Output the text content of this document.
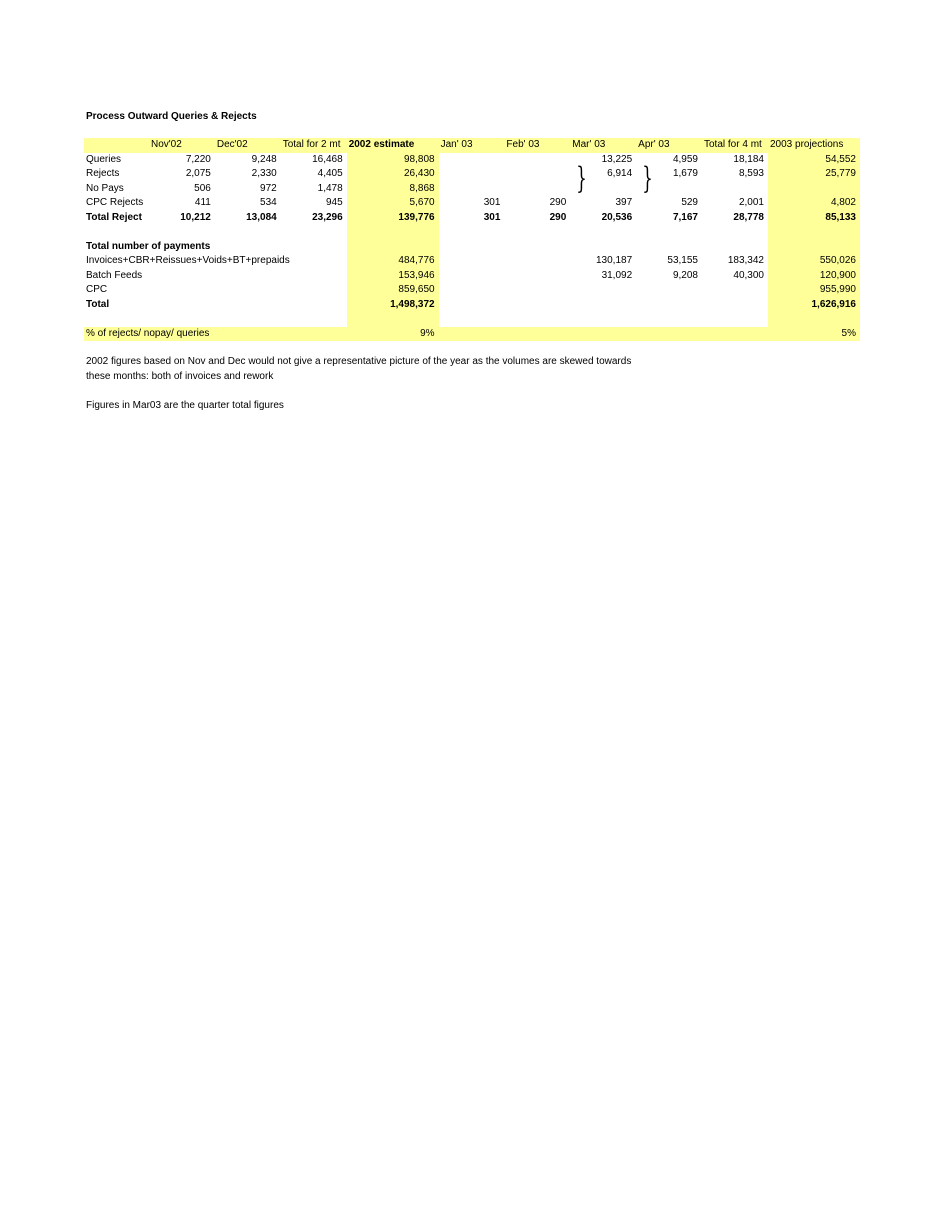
Process Outward Queries & Rejects
	Nov'02	Dec'02	Total for 2 mt	2002 estimate	Jan' 03	Feb' 03	Mar' 03	Apr' 03	Total for 4 mt	2003 projections
Queries	7,220	9,248	16,468	98,808			13,225	4,959	18,184	54,552
Rejects	2,075	2,330	4,405	26,430			6,914	1,679	8,593	25,779
No Pays	506	972	1,478	8,868						
CPC Rejects	411	534	945	5,670	301	290	397	529	2,001	4,802
Total Reject	10,212	13,084	23,296	139,776	301	290	20,536	7,167	28,778	85,133

Total number of payments										
Invoices+CBR+Reissues+Voids+BT+prepaids				484,776			130,187	53,155	183,342	550,026
Batch Feeds				153,946			31,092	9,208	40,300	120,900
CPC				859,650						955,990
Total				1,498,372						1,626,916

% of rejects/ nopay/ queries				9%						5%
} }
2002 figures based on Nov and Dec would not give a representative picture of the year as the volumes are skewed towards
these months: both of invoices and rework
Figures in Mar03 are the quarter total figures
